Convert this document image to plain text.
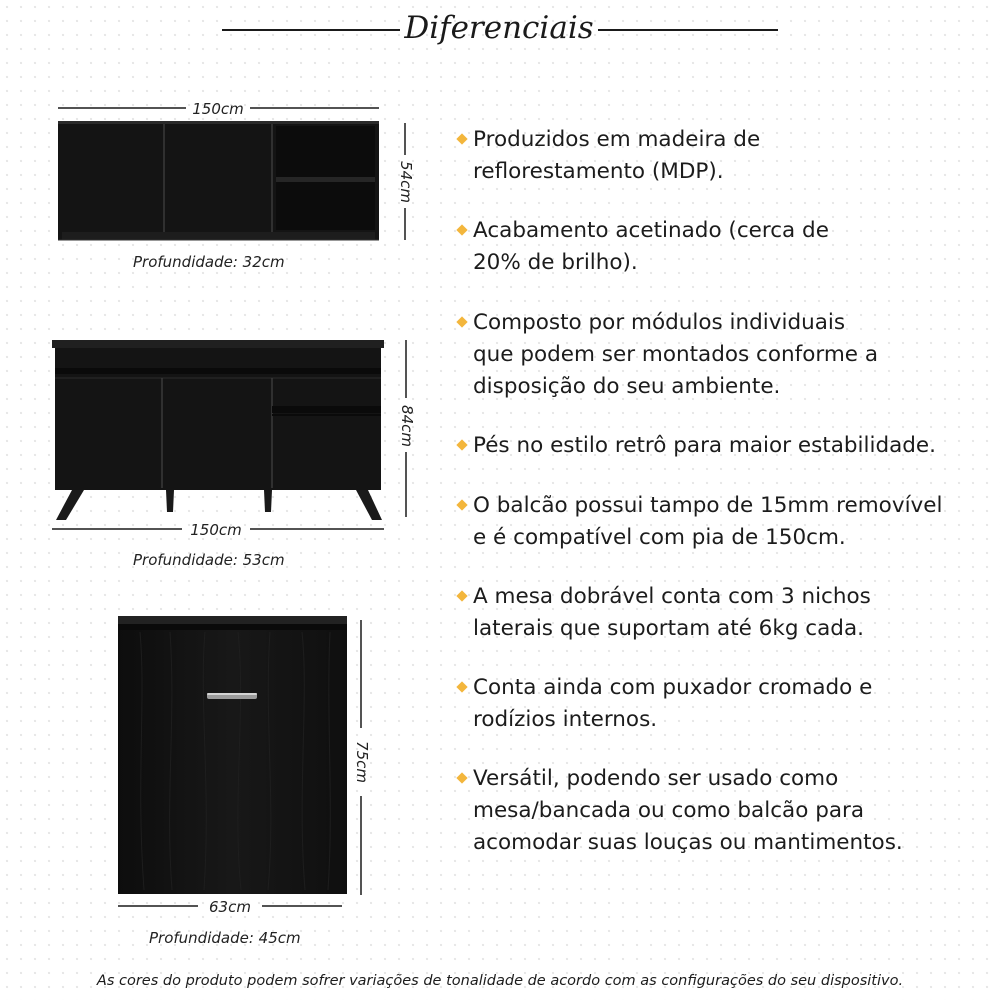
Diferenciais
150cm
54cm
150cm
84cm
63cm
75cm
Profundidade: 32cm
Profundidade: 53cm
Profundidade: 45cm
Produzidos em madeira de
reflorestamento (MDP).
Acabamento acetinado (cerca de
20% de brilho).
Composto por módulos individuais
que podem ser montados conforme a
disposição do seu ambiente.
Pés no estilo retrô para maior estabilidade.
O balcão possui tampo de 15mm removível
e é compatível com pia de 150cm.
A mesa dobrável conta com 3 nichos
laterais que suportam até 6kg cada.
Conta ainda com puxador cromado e
rodízios internos.
Versátil, podendo ser usado como
mesa/bancada ou como balcão para
acomodar suas louças ou mantimentos.
As cores do produto podem sofrer variações de tonalidade de acordo com as configurações do seu dispositivo.
